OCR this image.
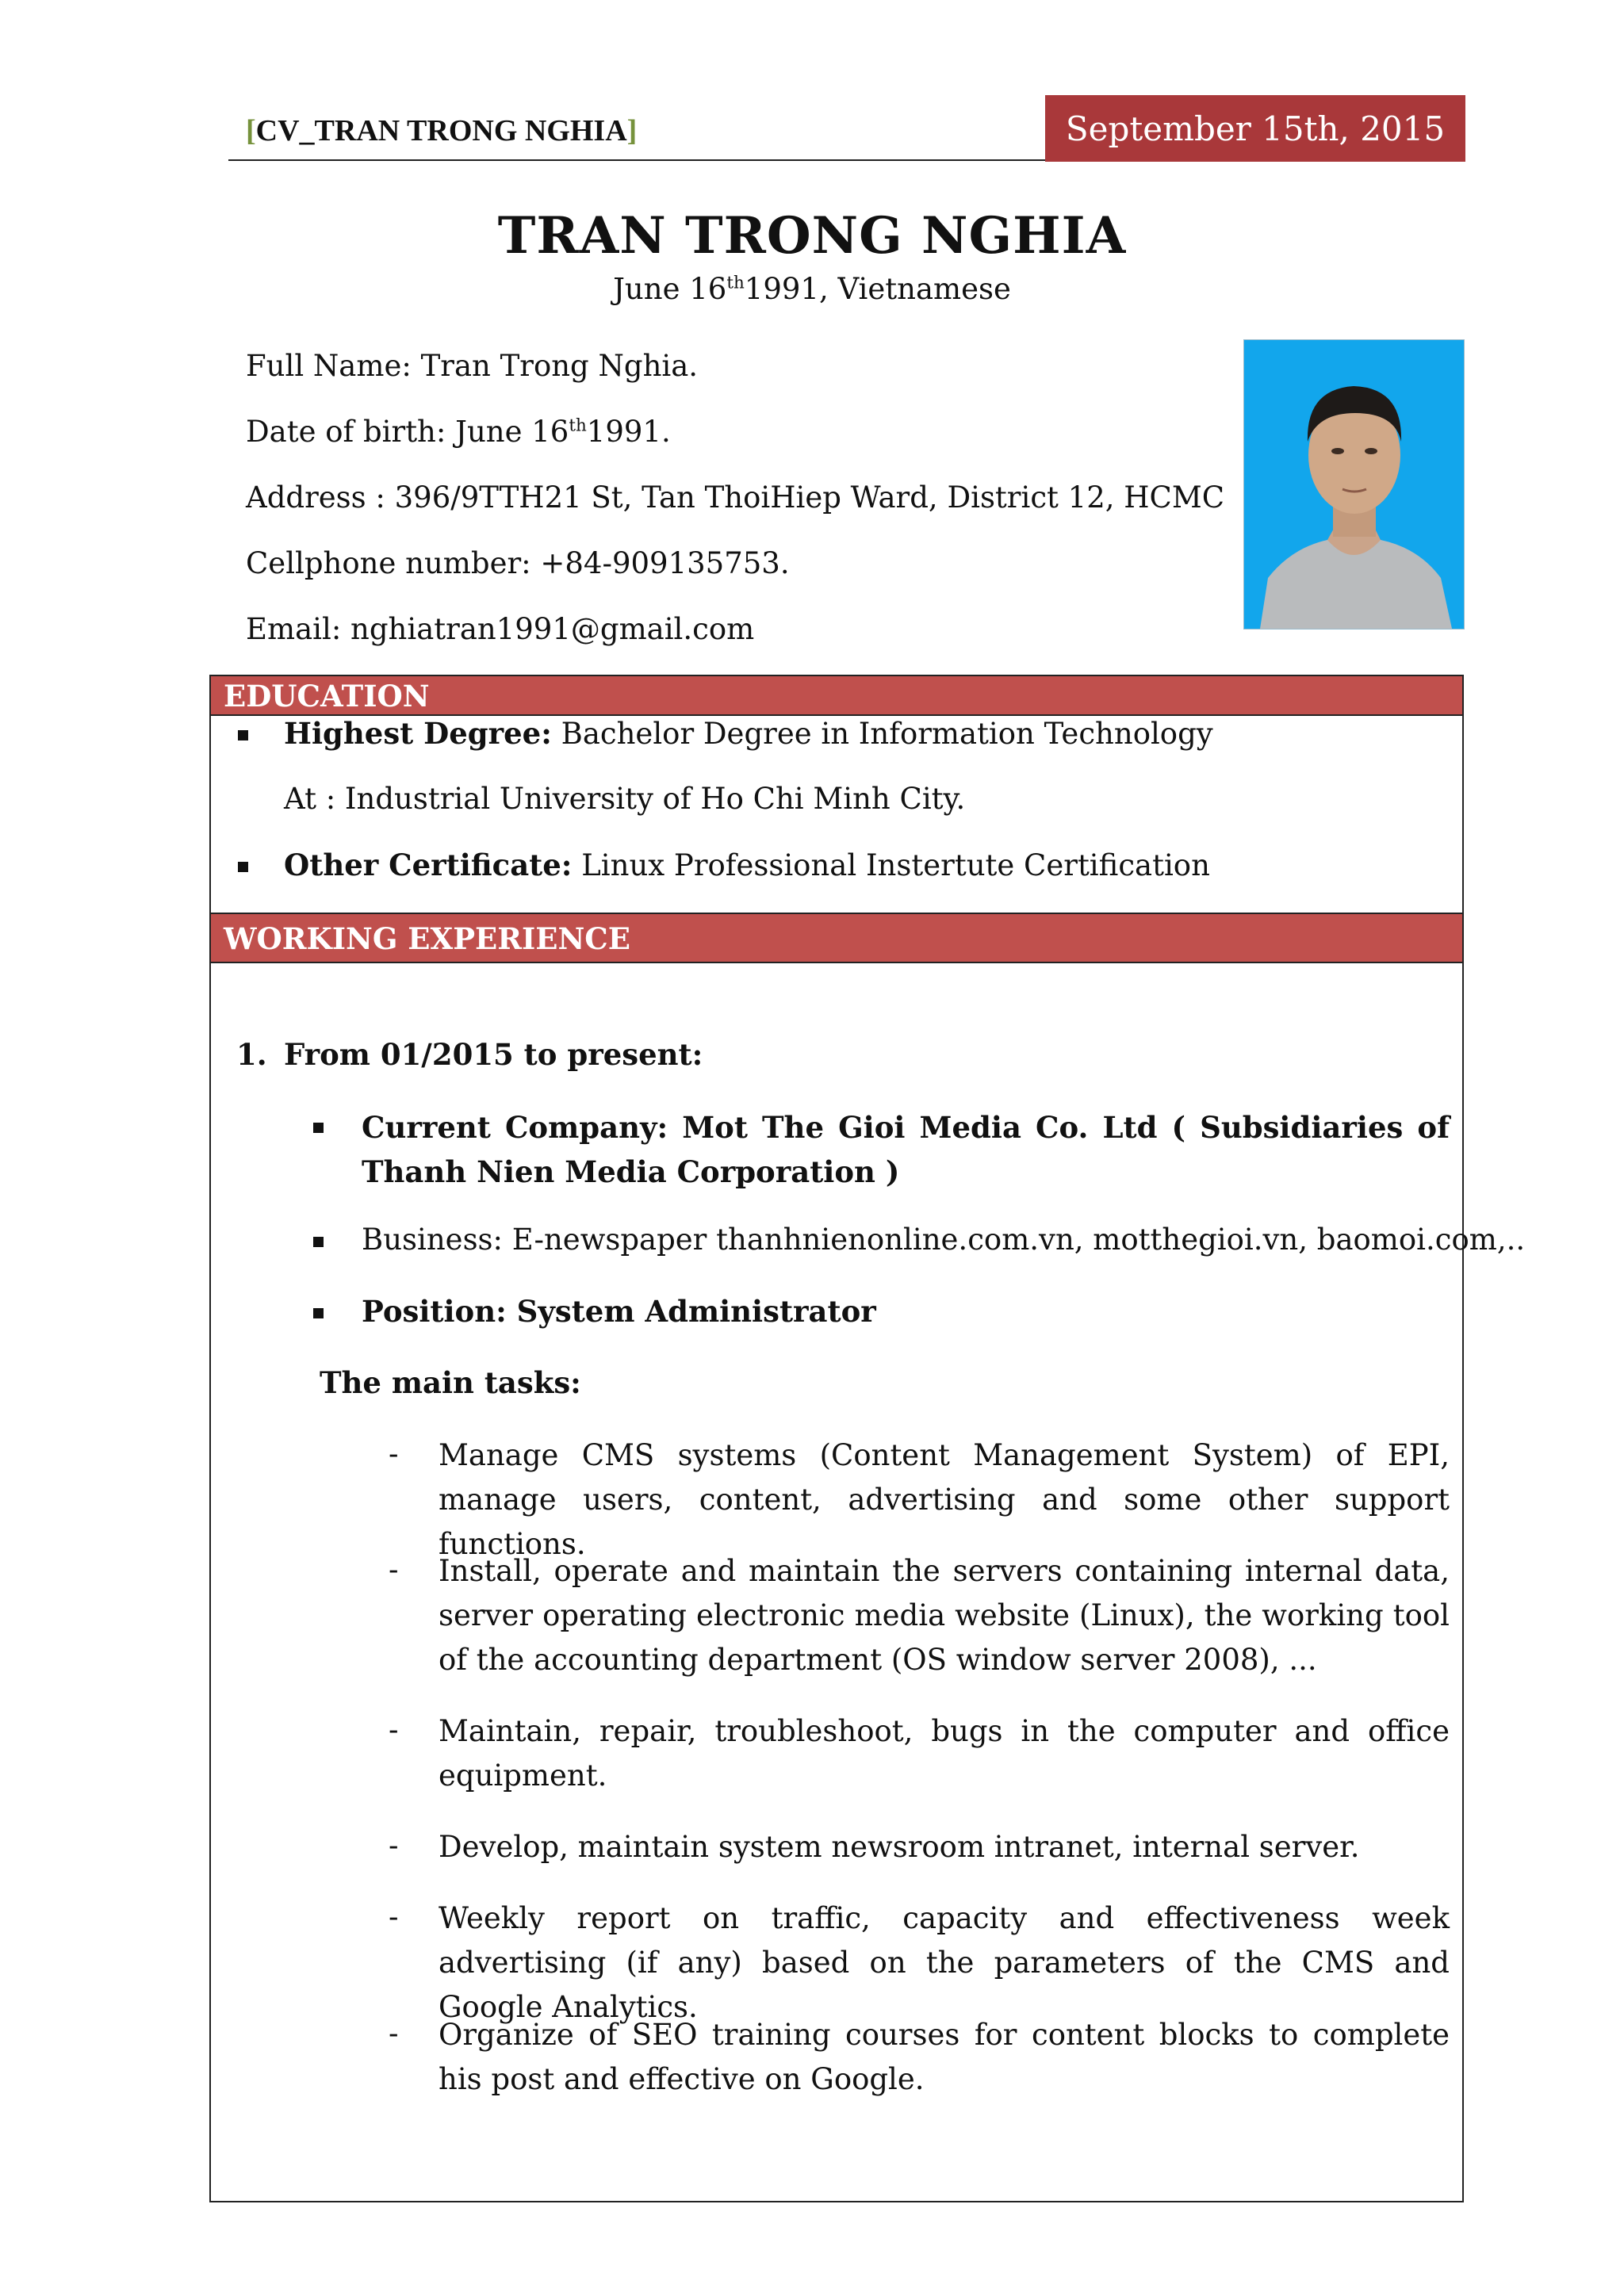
[CV_TRAN TRONG NGHIA]	September 15th, 2015
TRAN TRONG NGHIA
June 16th1991, Vietnamese
Full Name: Tran Trong Nghia.
Date of birth: June 16th1991.
Address : 396/9TTH21 St, Tan ThoiHiep Ward, District 12, HCMC
Cellphone number: +84-909135753.
Email: nghiatran1991@gmail.com
EDUCATION
Highest Degree: Bachelor Degree in Information Technology
At : Industrial University of Ho Chi Minh City.
Other Certificate: Linux Professional Instertute Certification
WORKING EXPERIENCE
1. From 01/2015 to present:
Current Company: Mot The Gioi Media Co. Ltd ( Subsidiaries of Thanh Nien Media Corporation )
Business: E-newspaper thanhnienonline.com.vn, motthegioi.vn, baomoi.com,..
Position: System Administrator
The main tasks:
- Manage CMS systems (Content Management System) of EPI, manage users, content, advertising and some other support functions.
- Install, operate and maintain the servers containing internal data, server operating electronic media website (Linux), the working tool of the accounting department (OS window server 2008), ...
- Maintain, repair, troubleshoot, bugs in the computer and office equipment.
- Develop, maintain system newsroom intranet, internal server.
- Weekly report on traffic, capacity and effectiveness week advertising (if any) based on the parameters of the CMS and Google Analytics.
- Organize of SEO training courses for content blocks to complete his post and effective on Google.
